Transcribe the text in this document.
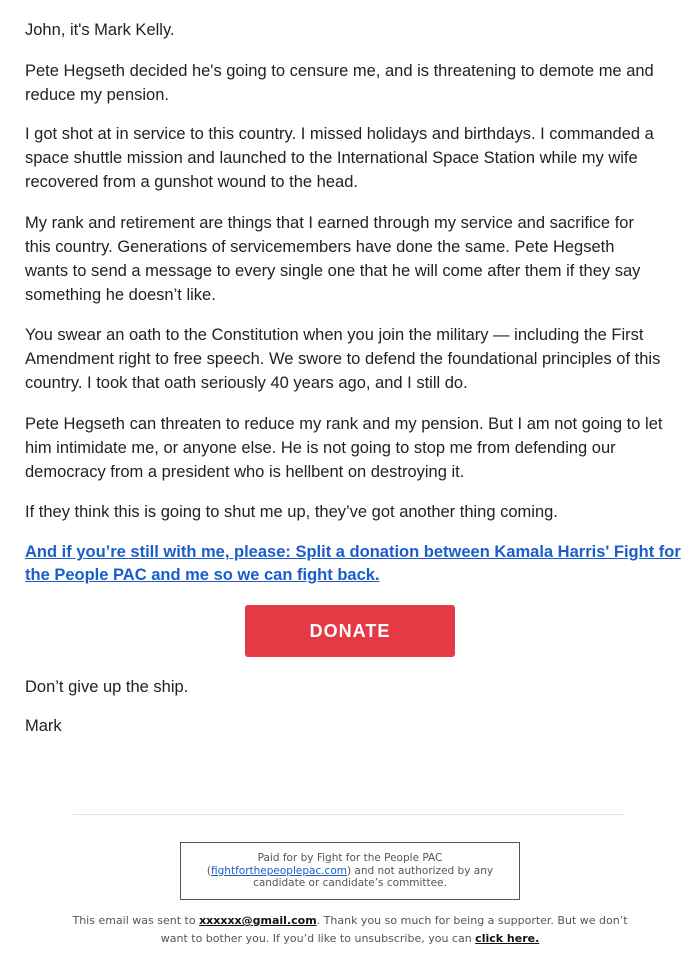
John, it's Mark Kelly.

Pete Hegseth decided he's going to censure me, and is threatening to demote me and reduce my pension.

I got shot at in service to this country. I missed holidays and birthdays. I commanded a space shuttle mission and launched to the International Space Station while my wife recovered from a gunshot wound to the head.

My rank and retirement are things that I earned through my service and sacrifice for this country. Generations of servicemembers have done the same. Pete Hegseth wants to send a message to every single one that he will come after them if they say something he doesn’t like.

You swear an oath to the Constitution when you join the military — including the First Amendment right to free speech. We swore to defend the foundational principles of this country. I took that oath seriously 40 years ago, and I still do.

Pete Hegseth can threaten to reduce my rank and my pension. But I am not going to let him intimidate me, or anyone else. He is not going to stop me from defending our democracy from a president who is hellbent on destroying it.

If they think this is going to shut me up, they’ve got another thing coming.

Don’t give up the ship.

Mark

And if you’re still with me, please: Split a donation between Kamala Harris' Fight for the People PAC and me so we can fight back.
DONATE
Paid for by Fight for the People PAC
(fightforthepeoplepac.com) and not authorized by any candidate or candidate’s committee.
This email was sent to xxxxxx@gmail.com. Thank you so much for being a supporter. But we don’t want to bother you. If you’d like to unsubscribe, you can click here.
